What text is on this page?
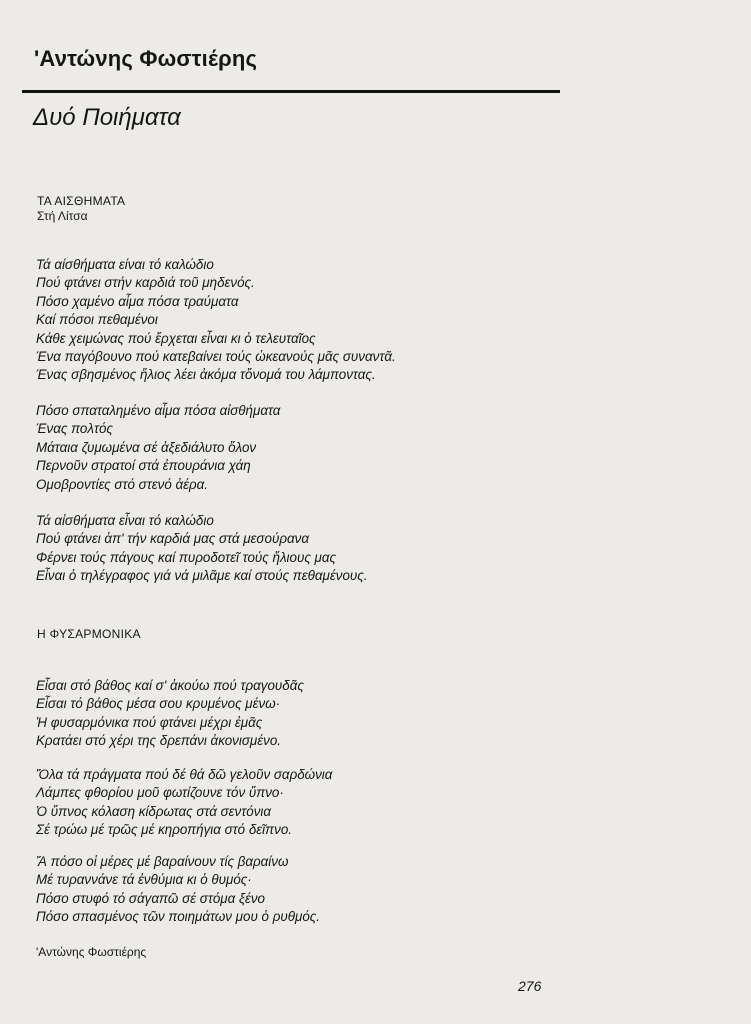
'Αντώνης Φωστιέρης
Δυό Ποιήματα
ΤΑ ΑΙΣΘΗΜΑΤΑ
Στή Λίτσα
Τά αίσθήματα είναι τό καλώδιο
Πού φτάνει στήν καρδιά τοῦ μηδενός.
Πόσο χαμένο αἷμα πόσα τραύματα
Καί πόσοι πεθαμένοι
Κάθε χειμώνας πού ἔρχεται εἶναι κι ὁ τελευταῖος
Ένα παγόβουνο πού κατεβαίνει τούς ὠκεανούς μᾶς συναντᾶ.
Ένας σβησμένος ἥλιος λέει ἀκόμα τὄνομά του λάμποντας.
Πόσο σπαταλημένο αἷμα πόσα αἰσθήματα
Ένας πολτός
Μάταια ζυμωμένα σέ ἀξεδιάλυτο ὅλον
Περνοῦν στρατοί στά ἐπουράνια χάη
Ομοβροντίες στό στενό ἀέρα.
Τά αἰσθήματα εἶναι τό καλώδιο
Πού φτάνει ἀπ' τήν καρδιά μας στά μεσούρανα
Φέρνει τούς πάγους καί πυροδοτεῖ τούς ἥλιους μας
Εἶναι ὁ τηλέγραφος γιά νά μιλᾶμε καί στούς πεθαμένους.
Η ΦΥΣΑΡΜΟΝΙΚΑ
Εἶσαι στό βάθος καί σ' ἀκούω πού τραγουδᾶς
Εἶσαι τό βάθος μέσα σου κρυμένος μένω·
Ἡ φυσαρμόνικα πού φτάνει μέχρι ἐμᾶς
Κρατάει στό χέρι της δρεπάνι ἀκονισμένο.
Ὅλα τά πράγματα πού δέ θά δῶ γελοῦν σαρδώνια
Λάμπες φθορίου μοῦ φωτίζουνε τόν ὕπνο·
Ὁ ὕπνος κόλαση κίδρωτας στά σεντόνια
Σέ τρώω μέ τρῶς μέ κηροπήγια στό δεῖπνο.
Ἄ πόσο οἱ μέρες μέ βαραίνουν τίς βαραίνω
Μέ τυραννάνε τά ἐνθύμια κι ὁ θυμός·
Πόσο στυφό τό σάγαπῶ σέ στόμα ξένο
Πόσο σπασμένος τῶν ποιημάτων μου ὁ ρυθμός.
'Αντώνης Φωστιέρης
276
